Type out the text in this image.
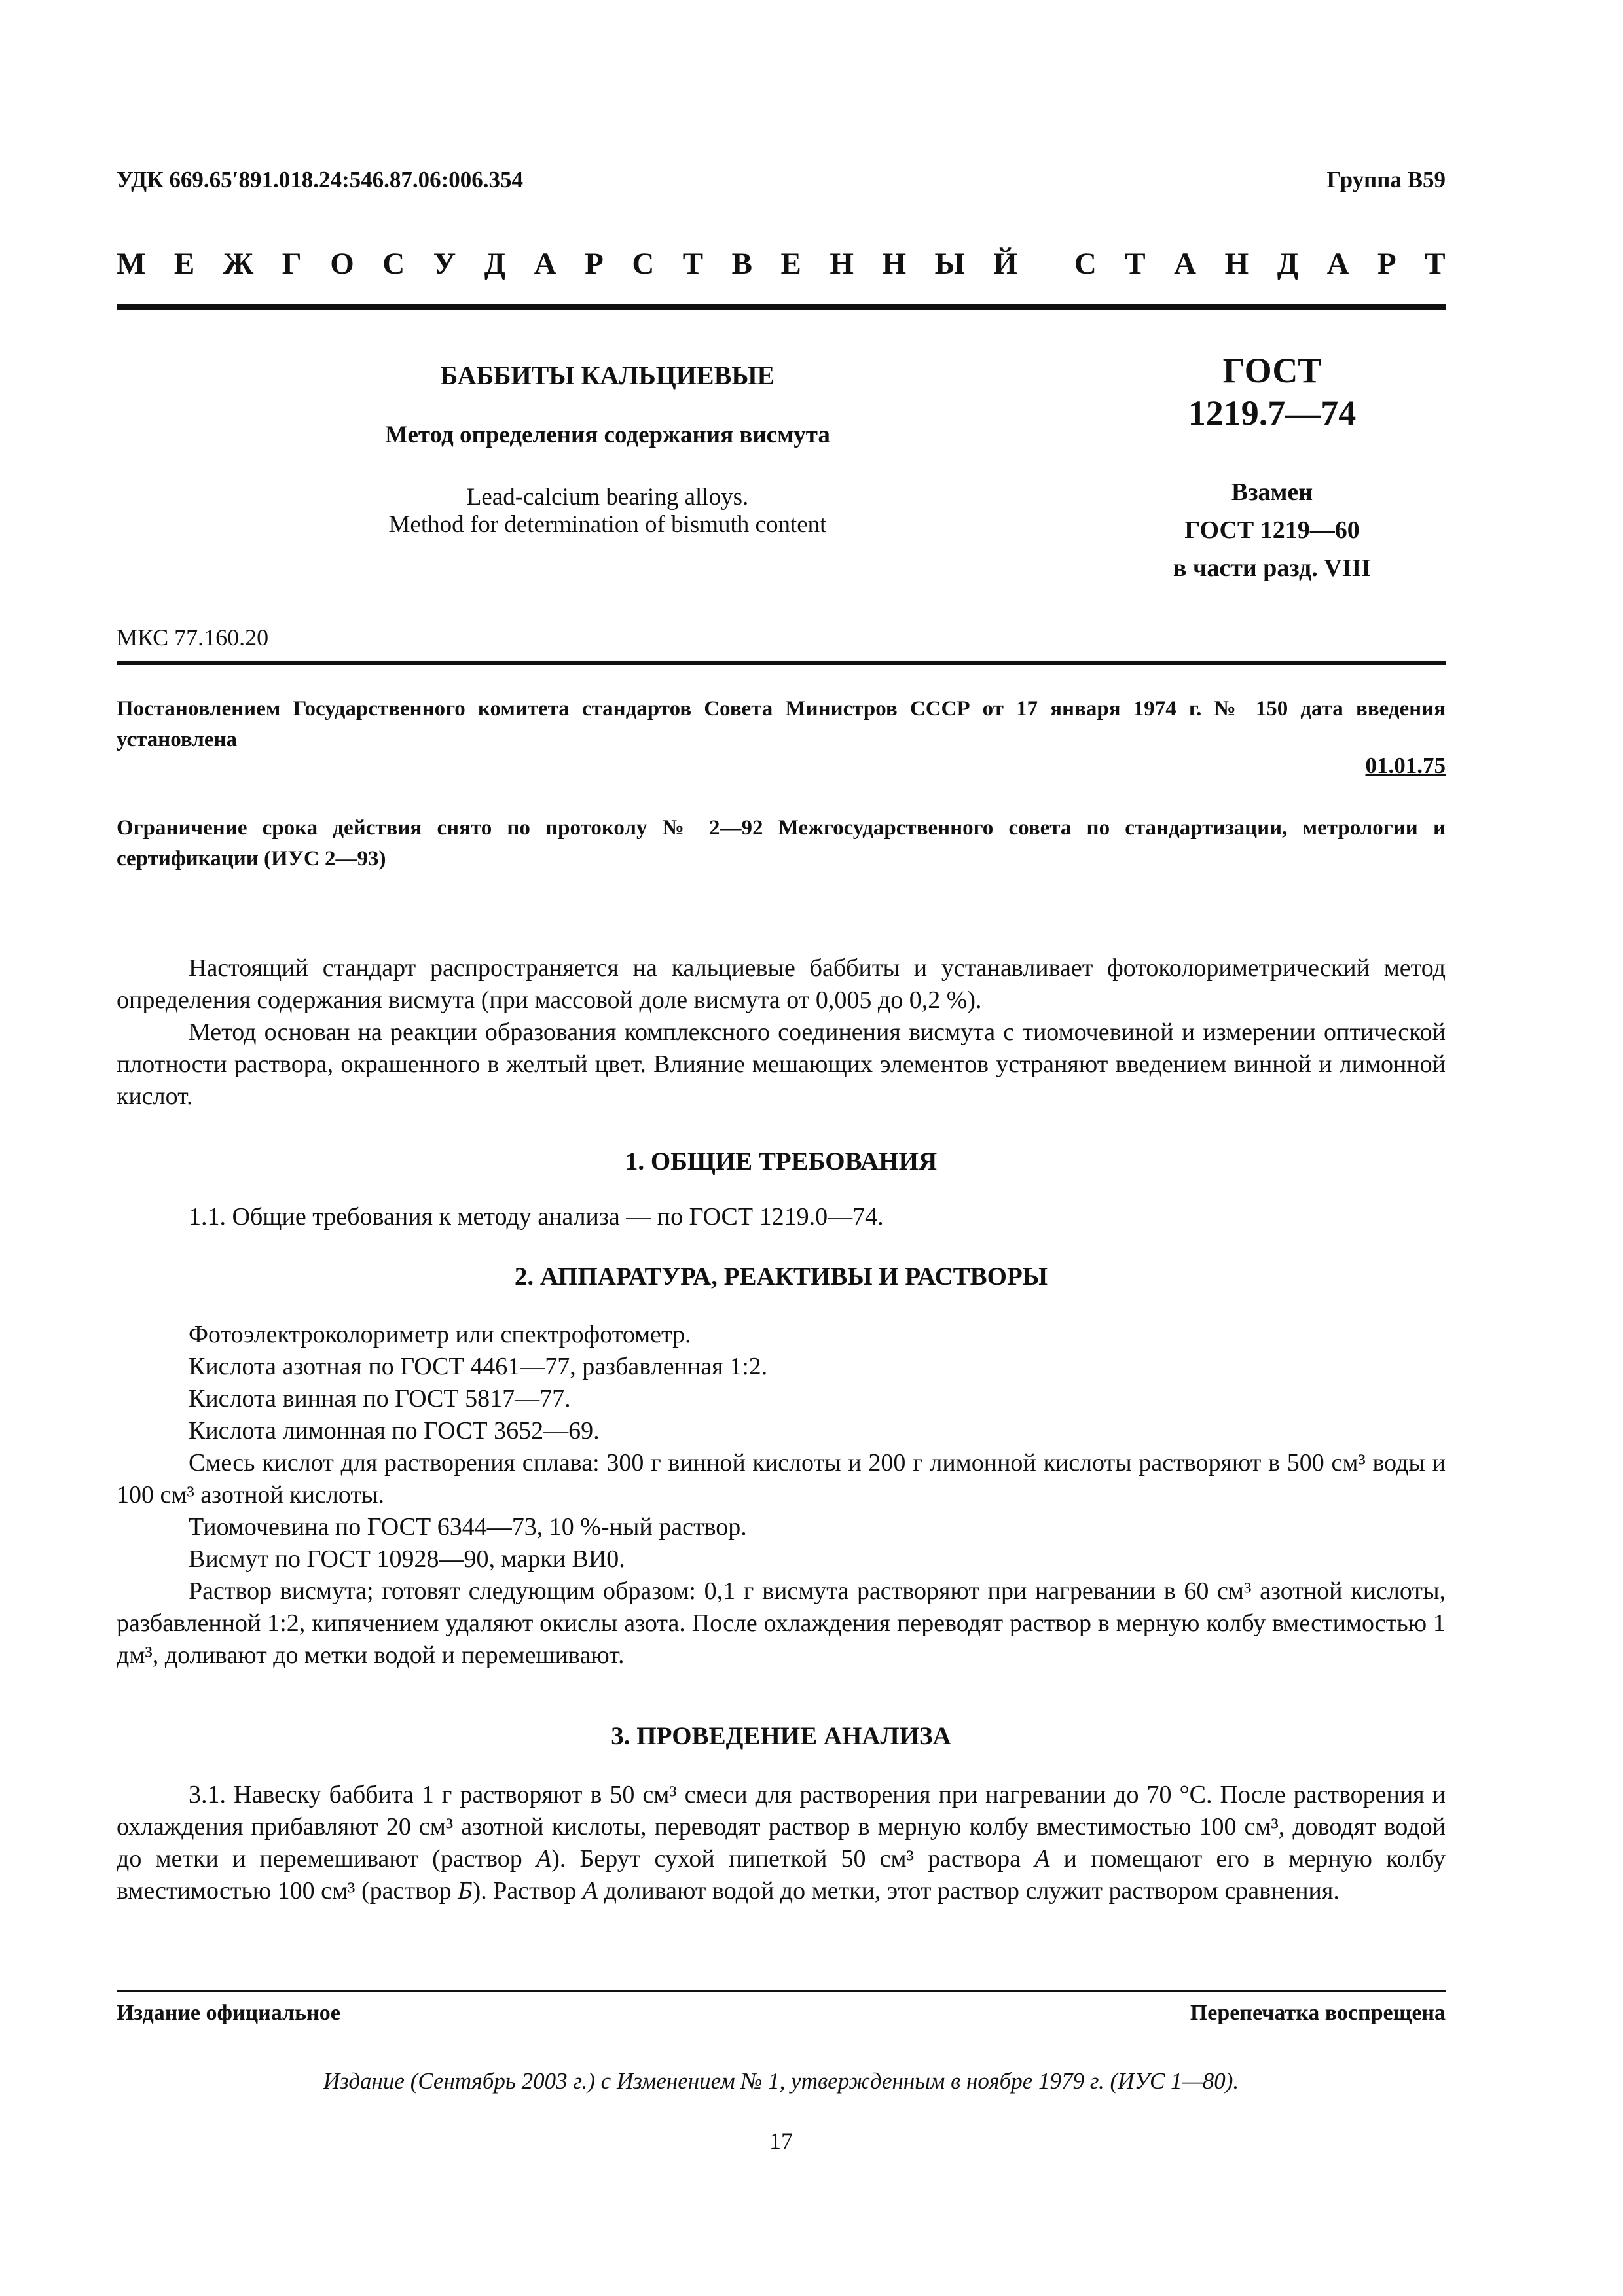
УДК 669.65′891.018.24:546.87.06:006.354	Группа В59
М Е Ж Г О С У Д А Р С Т В Е Н Н Ы Й С Т А Н Д А Р Т
БАББИТЫ КАЛЬЦИЕВЫЕ
Метод определения содержания висмута
Lead-calcium bearing alloys.
Method for determination of bismuth content
ГОСТ
1219.7—74
Взамен
ГОСТ 1219—60
в части разд. VIII
МКС 77.160.20
Постановлением Государственного комитета стандартов Совета Министров СССР от 17 января 1974 г. № 150 дата введения установлена
01.01.75
Ограничение срока действия снято по протоколу № 2—92 Межгосударственного совета по стандартизации, метрологии и сертификации (ИУС 2—93)

Настоящий стандарт распространяется на кальциевые баббиты и устанавливает фотоколориметрический метод определения содержания висмута (при массовой доле висмута от 0,005 до 0,2 %).

Метод основан на реакции образования комплексного соединения висмута с тиомочевиной и измерении оптической плотности раствора, окрашенного в желтый цвет. Влияние мешающих элементов устраняют введением винной и лимонной кислот.

1. ОБЩИЕ ТРЕБОВАНИЯ

1.1. Общие требования к методу анализа — по ГОСТ 1219.0—74.

2. АППАРАТУРА, РЕАКТИВЫ И РАСТВОРЫ

Фотоэлектроколориметр или спектрофотометр.

Кислота азотная по ГОСТ 4461—77, разбавленная 1:2.

Кислота винная по ГОСТ 5817—77.

Кислота лимонная по ГОСТ 3652—69.

Смесь кислот для растворения сплава: 300 г винной кислоты и 200 г лимонной кислоты растворяют в 500 см³ воды и 100 см³ азотной кислоты.

Тиомочевина по ГОСТ 6344—73, 10 %-ный раствор.

Висмут по ГОСТ 10928—90, марки ВИ0.

Раствор висмута; готовят следующим образом: 0,1 г висмута растворяют при нагревании в 60 см³ азотной кислоты, разбавленной 1:2, кипячением удаляют окислы азота. После охлаждения переводят раствор в мерную колбу вместимостью 1 дм³, доливают до метки водой и перемешивают.

3. ПРОВЕДЕНИЕ АНАЛИЗА

3.1. Навеску баббита 1 г растворяют в 50 см³ смеси для растворения при нагревании до 70 °С. После растворения и охлаждения прибавляют 20 см³ азотной кислоты, переводят раствор в мерную колбу вместимостью 100 см³, доводят водой до метки и перемешивают (раствор А). Берут сухой пипеткой 50 см³ раствора А и помещают его в мерную колбу вместимостью 100 см³ (раствор Б). Раствор А доливают водой до метки, этот раствор служит раствором сравнения.

Издание официальное	Перепечатка воспрещена
Издание (Сентябрь 2003 г.) с Изменением № 1, утвержденным в ноябре 1979 г. (ИУС 1—80).
17
